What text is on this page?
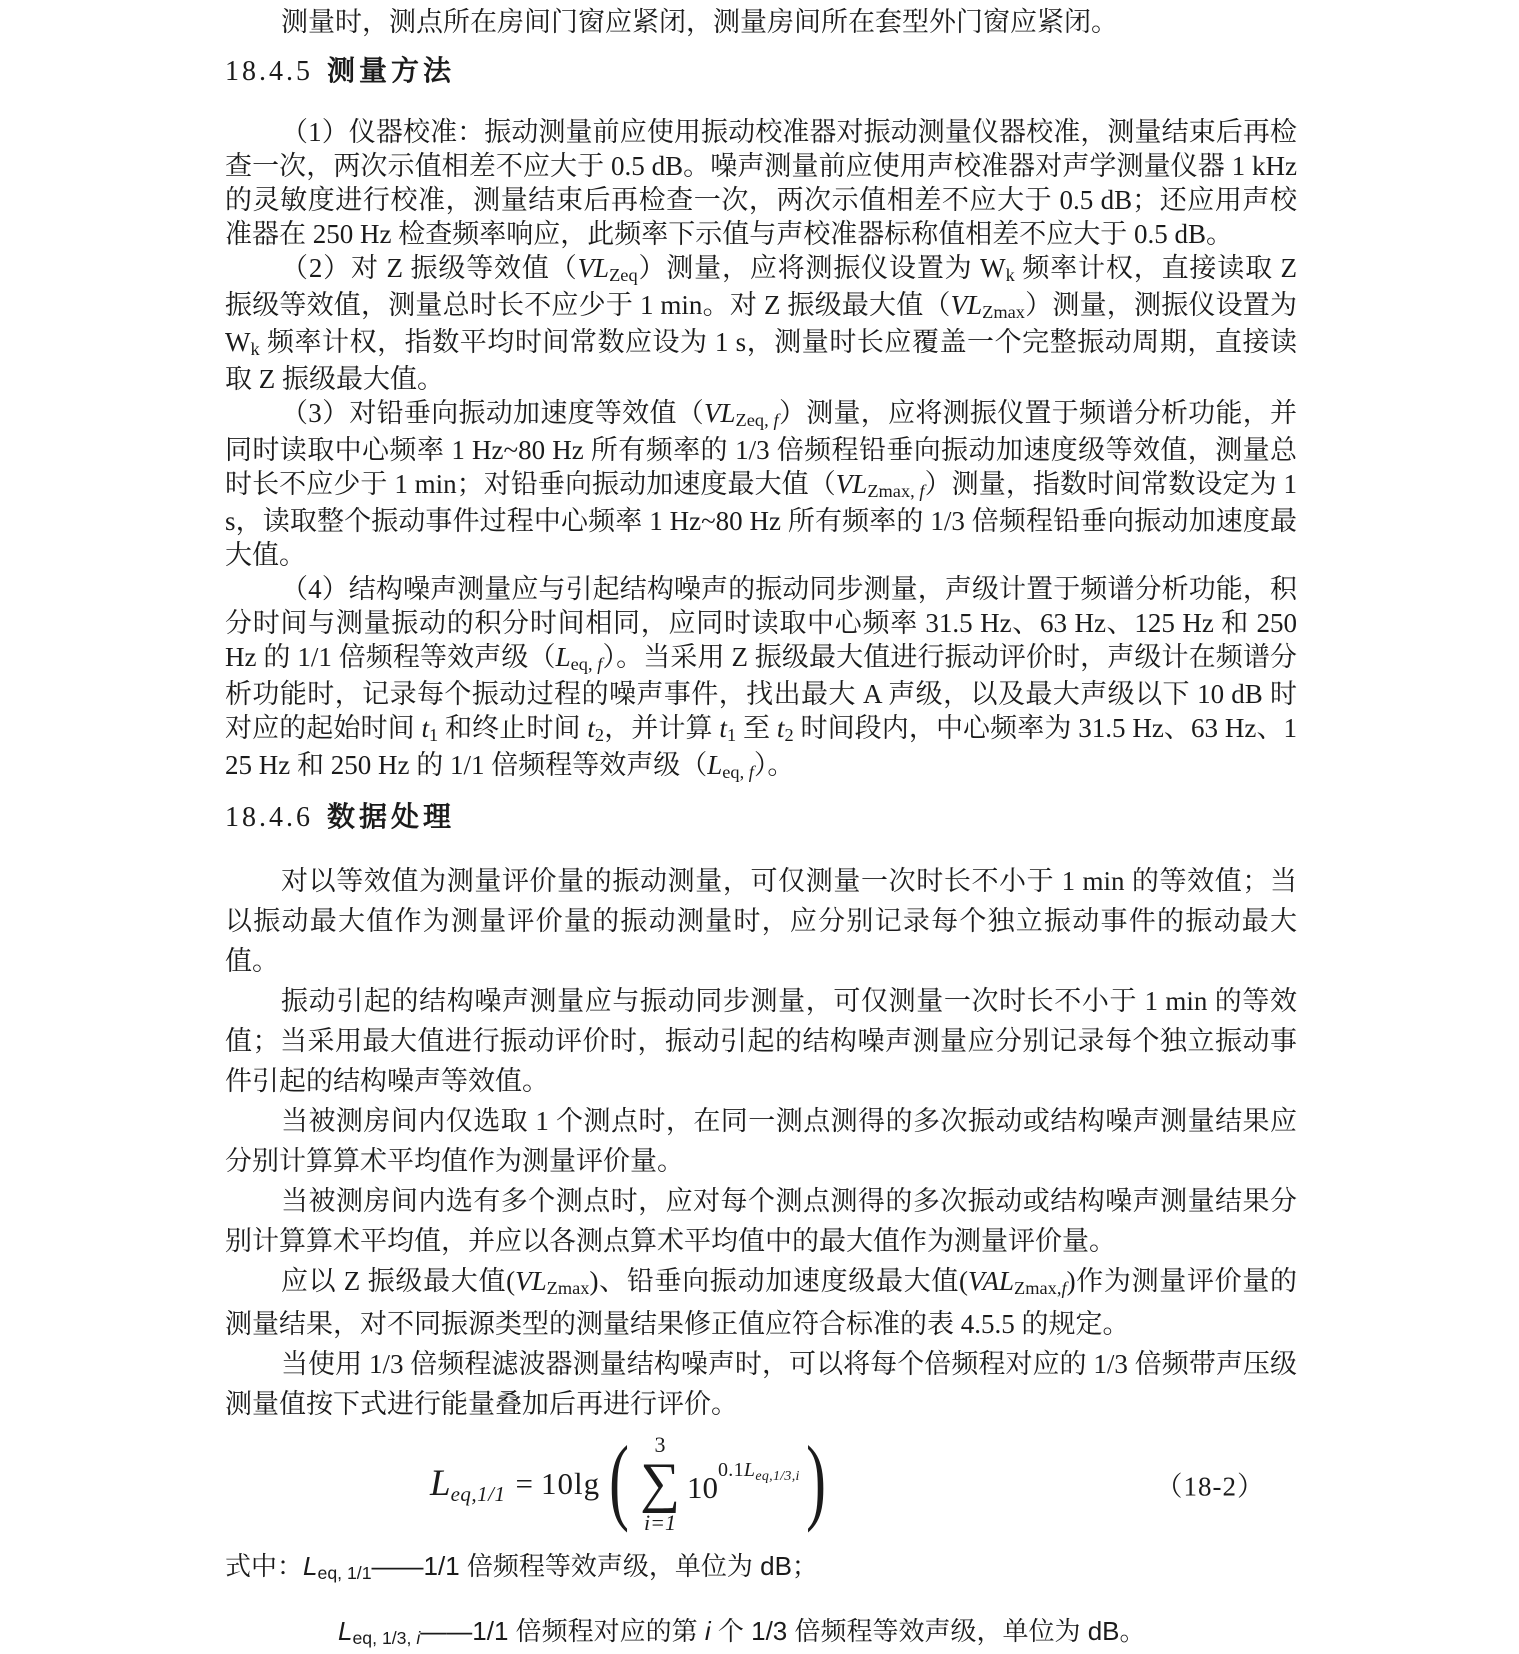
测量时，测点所在房间门窗应紧闭，测量房间所在套型外门窗应紧闭。

18.4.5 测量方法

（1）仪器校准：振动测量前应使用振动校准器对振动测量仪器校准，测量结束后再检查一次，两次示值相差不应大于 0.5 dB。噪声测量前应使用声校准器对声学测量仪器 1 kHz 的灵敏度进行校准，测量结束后再检查一次，两次示值相差不应大于 0.5 dB；还应用声校准器在 250 Hz 检查频率响应，此频率下示值与声校准器标称值相差不应大于 0.5 dB。

（2）对 Z 振级等效值（VLZeq）测量，应将测振仪设置为 Wk 频率计权，直接读取 Z 振级等效值，测量总时长不应少于 1 min。对 Z 振级最大值（VLZmax）测量，测振仪设置为 Wk 频率计权，指数平均时间常数应设为 1 s，测量时长应覆盖一个完整振动周期，直接读取 Z 振级最大值。

（3）对铅垂向振动加速度等效值（VLZeq, f）测量，应将测振仪置于频谱分析功能，并同时读取中心频率 1 Hz~80 Hz 所有频率的 1/3 倍频程铅垂向振动加速度级等效值，测量总时长不应少于 1 min；对铅垂向振动加速度最大值（VLZmax, f）测量，指数时间常数设定为 1 s，读取整个振动事件过程中心频率 1 Hz~80 Hz 所有频率的 1/3 倍频程铅垂向振动加速度最大值。

（4）结构噪声测量应与引起结构噪声的振动同步测量，声级计置于频谱分析功能，积分时间与测量振动的积分时间相同，应同时读取中心频率 31.5 Hz、63 Hz、125 Hz 和 250 Hz 的 1/1 倍频程等效声级（Leq, f）。当采用 Z 振级最大值进行振动评价时，声级计在频谱分析功能时，记录每个振动过程的噪声事件，找出最大 A 声级，以及最大声级以下 10 dB 时对应的起始时间 t1 和终止时间 t2，并计算 t1 至 t2 时间段内，中心频率为 31.5 Hz、63 Hz、125 Hz 和 250 Hz 的 1/1 倍频程等效声级（Leq, f）。

18.4.6 数据处理

对以等效值为测量评价量的振动测量，可仅测量一次时长不小于 1 min 的等效值；当以振动最大值作为测量评价量的振动测量时，应分别记录每个独立振动事件的振动最大值。

振动引起的结构噪声测量应与振动同步测量，可仅测量一次时长不小于 1 min 的等效值；当采用最大值进行振动评价时，振动引起的结构噪声测量应分别记录每个独立振动事件引起的结构噪声等效值。

当被测房间内仅选取 1 个测点时，在同一测点测得的多次振动或结构噪声测量结果应分别计算算术平均值作为测量评价量。

当被测房间内选有多个测点时，应对每个测点测得的多次振动或结构噪声测量结果分别计算算术平均值，并应以各测点算术平均值中的最大值作为测量评价量。

应以 Z 振级最大值(VLZmax)、铅垂向振动加速度级最大值(VALZmax,f)作为测量评价量的测量结果，对不同振源类型的测量结果修正值应符合标准的表 4.5.5 的规定。

当使用 1/3 倍频程滤波器测量结构噪声时，可以将每个倍频程对应的 1/3 倍频带声压级测量值按下式进行能量叠加后再进行评价。

L eq,1/1 = 10lg ( 3
∑
i=1
10 $0.1L_{eq,1/3,i}$ )	（18-2）

式中：Leq, 1/1——1/1 倍频程等效声级，单位为 dB；

Leq, 1/3, i——1/1 倍频程对应的第 i 个 1/3 倍频程等效声级，单位为 dB。
